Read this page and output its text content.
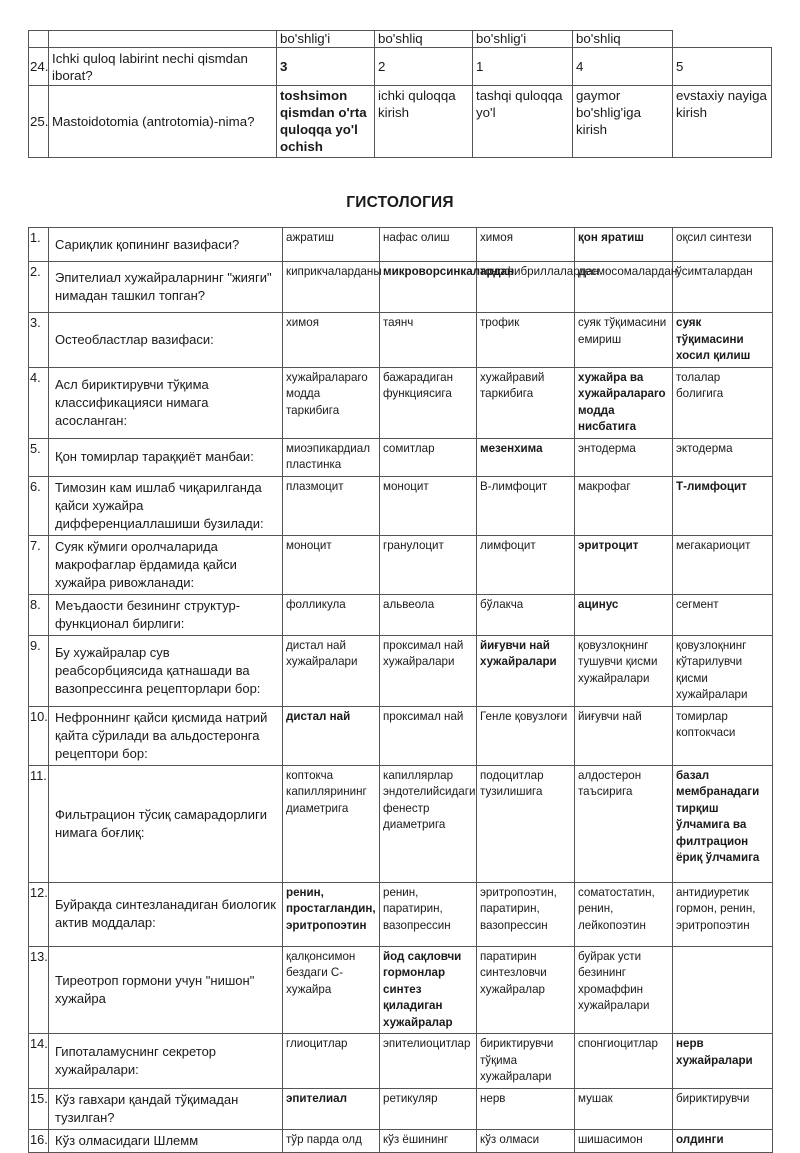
		bo'shlig'i	bo'shliq	bo'shlig'i	bo'shliq	
24.	Ichki quloq labirint nechi qismdan iborat?	3	2	1	4	5
25.	Mastoidotomia (antrotomia)-nima?	toshsimon qismdan o'rta quloqqa yo'l ochish	ichki quloqqa kirish	tashqi quloqqa yo'l	gaymor bo'shlig'iga kirish	evstaxiy nayiga kirish
ГИСТОЛОГИЯ
1.	Сариқлик қопининг вазифаси?	ажратиш	нафас олиш	химоя	қон яратиш	оқсил синтези
2.	Эпителиал хужайраларнинг "жияги" нимадан ташкил топган?	киприкчаларданы	микроворсинкалардан	тонофибриллалардан	десмосомалардан	ўсимталардан
3.	Остеобластлар вазифаси:	химоя	таянч	трофик	суяк тўқимасини емириш	суяк тўқимасини хосил қилиш
4.	Асл бириктирувчи тўқима классификацияси нимага асосланган:	хужайраларaro модда таркибига	бажарадиган функциясига	хужайравий таркибига	хужайра ва хужайраларaro модда нисбатига	толалар болигига
5.	Қон томирлар тараққиёт манбаи:	миоэпикардиал пластинка	сомитлар	мезенхима	энтодерма	эктодерма
6.	Тимозин кам ишлаб чиқарилганда қайси хужайра дифференциаллашиши бузилади:	плазмоцит	моноцит	В-лимфоцит	макрофаг	Т-лимфоцит
7.	Суяк кўмиги оролчаларида макрофаглар ёрдамида қайси хужайра ривожланади:	моноцит	гранулоцит	лимфоцит	эритроцит	мегакариоцит
8.	Меъдаости безининг структур-функционал бирлиги:	фолликула	альвеола	бўлакча	ацинус	сегмент
9.	Бу хужайралар сув реабсорбциясида қатнашади ва вазопрессинга рецепторлари бор:	дистал най хужайралари	проксимал най хужайралари	йиғувчи най хужайралари	қовузлоқнинг тушувчи қисми хужайралари	қовузлоқнинг кўтарилувчи қисми хужайралари
10.	Нефроннинг қайси қисмида натрий қайта сўрилади ва альдостеронга рецептори бор:	дистал най	проксимал най	Генле қовузлоғи	йиғувчи най	томирлар коптокчаси
11.	Фильтрацион тўсиқ самарадорлиги нимага боғлиқ:	коптокча капиллярининг диаметрига	капиллярлар эндотелийсидаги фенестр диаметрига	подоцитлар тузилишига	алдостерон таъсирига	базал мембранадаги тирқиш ўлчамига ва филтрацион ёриқ ўлчамига
12.	Буйракда синтезланадиган биологик актив моддалар:	ренин, простагландин, эритропоэтин	ренин, паратирин, вазопрессин	эритропоэтин, паратирин, вазопрессин	соматостатин, ренин, лейкопоэтин	антидиуретик гормон, ренин, эритропоэтин
13.	Тиреотроп гормони учун "нишон" хужайра	қалқонсимон бездаги С-хужайра	йод сақловчи гормонлар синтез қиладиган хужайралар	паратирин синтезловчи хужайралар	буйрак усти безининг хромаффин хужайралари	
14.	Гипоталамуснинг секретор хужайралари:	глиоцитлар	эпителиоцитлар	бириктирувчи тўқима хужайралари	спонгиоцитлар	нерв хужайралари
15.	Кўз гавхари қандай тўқимадан тузилган?	эпителиал	ретикуляр	нерв	мушак	бириктирувчи
16.	Кўз олмасидаги Шлемм	тўр парда олд	кўз ёшининг	кўз олмаси	шишасимон	олдинги
